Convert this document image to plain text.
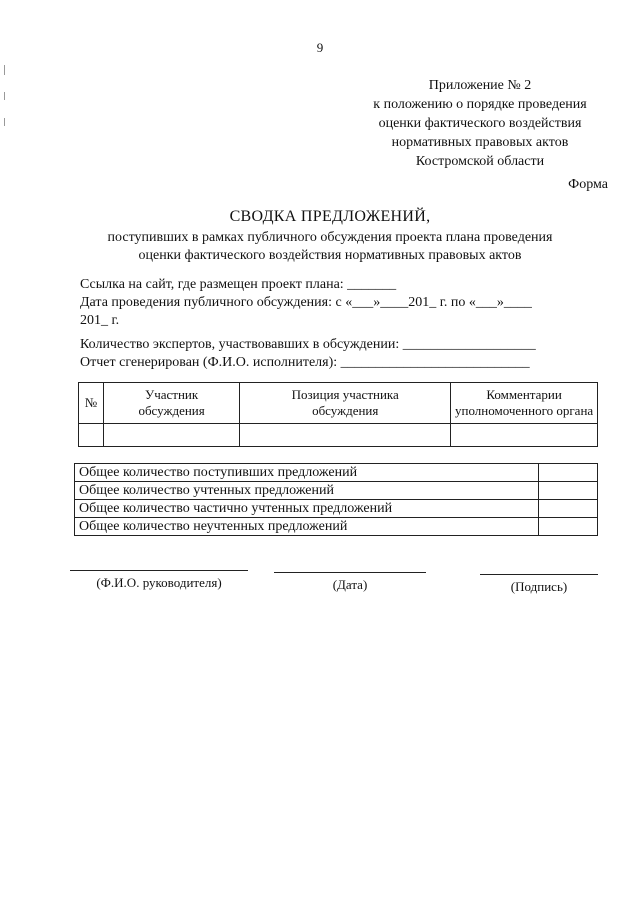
9
Приложение № 2
к положению о порядке проведения
оценки фактического воздействия
нормативных правовых актов
Костромской области
Форма
СВОДКА ПРЕДЛОЖЕНИЙ,
поступивших в рамках публичного обсуждения проекта плана проведения
оценки фактического воздействия нормативных правовых актов
Ссылка на сайт, где размещен проект плана: _______
Дата проведения публичного обсуждения: с «___»____201_ г. по «___»____
201_ г.
Количество экспертов, участвовавших в обсуждении: ___________________
Отчет сгенерирован (Ф.И.О. исполнителя): ___________________________
№	Участник обсуждения	Позиция участника обсуждения	Комментарии уполномоченного органа

Общее количество поступивших предложений	
Общее количество учтенных предложений	
Общее количество частично учтенных предложений	
Общее количество неучтенных предложений	
(Ф.И.О. руководителя)	(Дата)	(Подпись)
